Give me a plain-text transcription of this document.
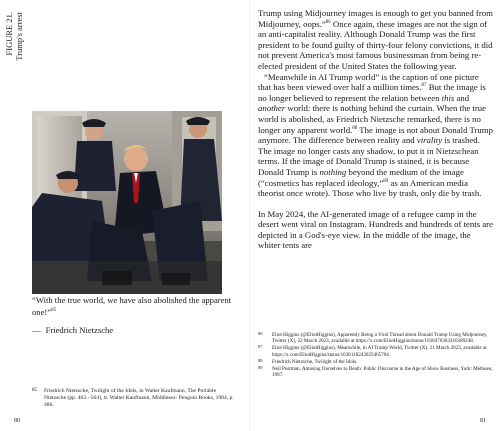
FIGURE 21. Trump's arrest
“With the true world, we have also abolished the apparent one!”$^{85}$
— Friedrich Nietzsche
85 Friedrich Nietzsche, Twilight of the Idols, in Walter Kaufmann, The Portable Nietzsche (pp. 463 - 564), tr. Walter Kaufmann, Middlesex: Penguin Books, 1984, p. 486.
80

Trump using Midjourney images is enough to get you banned from Midjourney, oops.”$^{86}$ Once again, these images are not the sign of an anti-capitalist reality. Although Donald Trump was the first president to be found guilty of thirty-four felony convictions, it did not prevent America's most famous businessman from being re-elected president of the United States the following year.

“Meanwhile in AI Trump world” is the caption of one picture that has been viewed over half a million times.$^{87}$ But the image is no longer believed to represent the relation between this and another world: there is nothing behind the curtain. When the true world is abolished, as Friedrich Nietzsche remarked, there is no longer any apparent world.$^{88}$ The image is not about Donald Trump anymore. The difference between reality and virality is trashed. The image no longer casts any shadow, to put it in Nietzschean terms. If the image of Donald Trump is stained, it is because Donald Trump is nothing beyond the medium of the image (“cosmetics has replaced ideology,”$^{89}$ as an American media theorist once wrote). Those who live by trash, only die by trash.

In May 2024, the AI-generated image of a refugee camp in the desert went viral on Instagram. Hundreds and hundreds of tents are depicted in a God's-eye view. In the middle of the image, the whiter tents are

86 Eliot Higgins (@EliotHiggins), Apparently Being a Viral Thread about Donald Trump Using Midjourney, Twitter (X), 22 March 2023, available at https://x.com/EliotHiggins/status/1638470303310389248.
87 Eliot Higgins (@EliotHiggins), Meanwhile, in AI Trump World, Twitter (X), 21 March 2023, available at https://x.com/EliotHiggins/status/1638118243025405704.
88 Friedrich Nietzsche, Twilight of the Idols.
89 Neil Postman, Amusing Ourselves to Death: Public Discourse in the Age of Show Business, York: Methuen, 1987.
81
